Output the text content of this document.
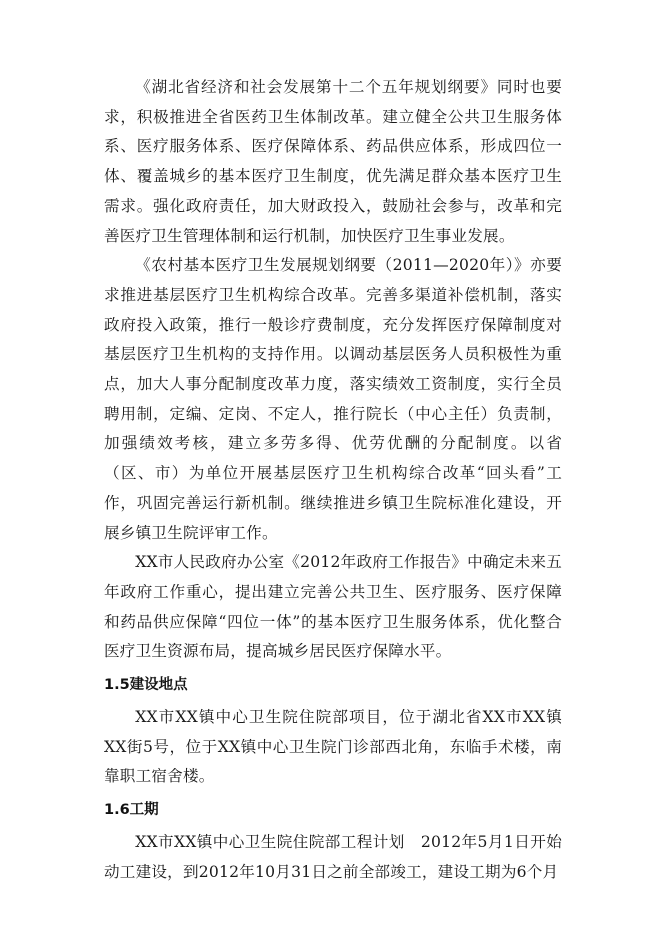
《湖北省经济和社会发展第十二个五年规划纲要》同时也要求，积极推进全省医药卫生体制改革。建立健全公共卫生服务体系、医疗服务体系、医疗保障体系、药品供应体系，形成四位一体、覆盖城乡的基本医疗卫生制度，优先满足群众基本医疗卫生需求。强化政府责任，加大财政投入，鼓励社会参与，改革和完善医疗卫生管理体制和运行机制，加快医疗卫生事业发展。

《农村基本医疗卫生发展规划纲要（2011—2020年）》亦要求推进基层医疗卫生机构综合改革。完善多渠道补偿机制，落实政府投入政策，推行一般诊疗费制度，充分发挥医疗保障制度对基层医疗卫生机构的支持作用。以调动基层医务人员积极性为重点，加大人事分配制度改革力度，落实绩效工资制度，实行全员聘用制，定编、定岗、不定人，推行院长（中心主任）负责制，加强绩效考核，建立多劳多得、优劳优酬的分配制度。以省（区、市）为单位开展基层医疗卫生机构综合改革“回头看”工作，巩固完善运行新机制。继续推进乡镇卫生院标准化建设，开展乡镇卫生院评审工作。

XX市人民政府办公室《2012年政府工作报告》中确定未来五年政府工作重心，提出建立完善公共卫生、医疗服务、医疗保障和药品供应保障“四位一体”的基本医疗卫生服务体系，优化整合医疗卫生资源布局，提高城乡居民医疗保障水平。

1.5建设地点

XX市XX镇中心卫生院住院部项目，位于湖北省XX市XX镇XX街5号，位于XX镇中心卫生院门诊部西北角，东临手术楼，南靠职工宿舍楼。

1.6工期

XX市XX镇中心卫生院住院部工程计划   2012年5月1日开始动工建设，到2012年10月31日之前全部竣工，建设工期为6个月
